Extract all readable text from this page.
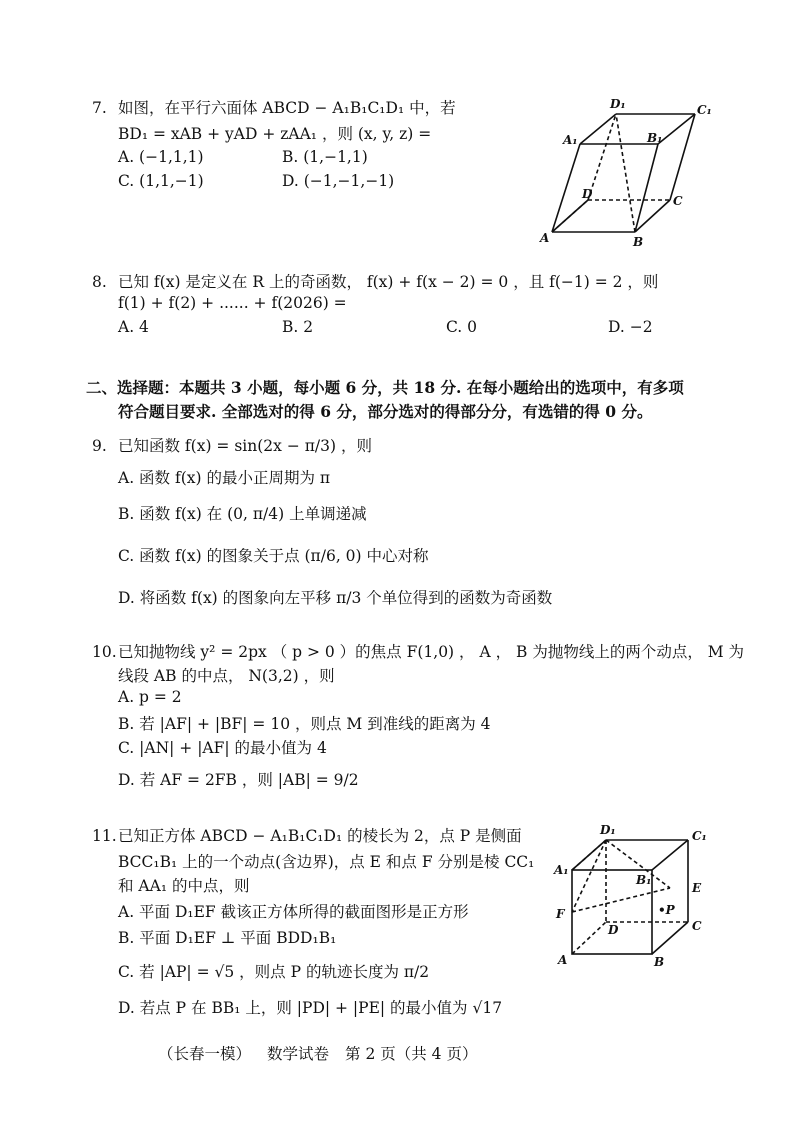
7. 如图，在平行六面体 ABCD − A₁B₁C₁D₁ 中，若
BD₁ = xAB + yAD + zAA₁ ，则 (x, y, z) =
A. (−1,1,1)	B. (1,−1,1)
C. (1,1,−1)	D. (−1,−1,−1)
D₁	C₁
A₁	B₁
D	C
A	B
8. 已知 f(x) 是定义在 R 上的奇函数， f(x) + f(x − 2) = 0 ，且 f(−1) = 2 ，则
f(1) + f(2) + ...... + f(2026) =
A. 4	B. 2	C. 0	D. −2
二、选择题：本题共 3 小题，每小题 6 分，共 18 分. 在每小题给出的选项中，有多项
符合题目要求. 全部选对的得 6 分，部分选对的得部分分，有选错的得 0 分。
9. 已知函数 f(x) = sin(2x − π/3) ，则
A. 函数 f(x) 的最小正周期为 π
B. 函数 f(x) 在 (0, π/4) 上单调递减
C. 函数 f(x) 的图象关于点 (π/6, 0) 中心对称
D. 将函数 f(x) 的图象向左平移 π/3 个单位得到的函数为奇函数
10.已知抛物线 y² = 2px （ p > 0 ）的焦点 F(1,0) ， A ， B 为抛物线上的两个动点， M 为
线段 AB 的中点， N(3,2) ，则
A. p = 2
B. 若 |AF| + |BF| = 10 ，则点 M 到准线的距离为 4
C. |AN| + |AF| 的最小值为 4
D. 若 AF = 2FB ，则 |AB| = 9/2
11.已知正方体 ABCD − A₁B₁C₁D₁ 的棱长为 2，点 P 是侧面
BCC₁B₁ 上的一个动点(含边界)，点 E 和点 F 分别是棱 CC₁
和 AA₁ 的中点，则
A. 平面 D₁EF 截该正方体所得的截面图形是正方形
B. 平面 D₁EF ⊥ 平面 BDD₁B₁
C. 若 |AP| = √5 ，则点 P 的轨迹长度为 π/2
D. 若点 P 在 BB₁ 上，则 |PD| + |PE| 的最小值为 √17
D₁	C₁
A₁
B₁
E
F	•P
D	C
A	B
（长春一模） 数学试卷 第 2 页（共 4 页）
